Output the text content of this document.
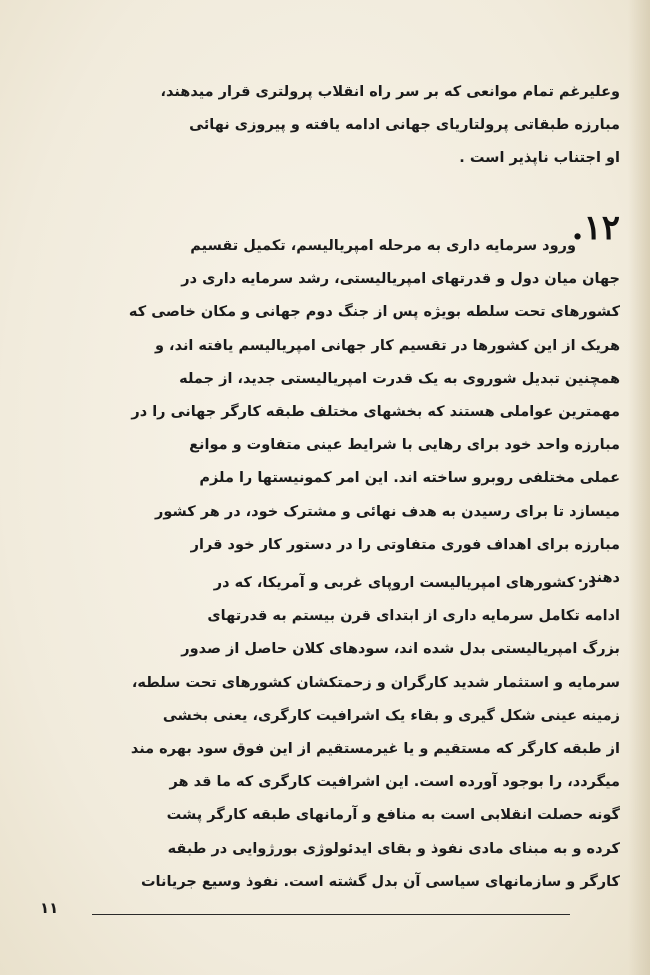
وعلیرغم تمام موانعی که بر سر راه انقلاب پرولتری قرار میدهند،
مبارزه طبقاتی پرولتاریای جهانی ادامه یافته و پیروزی نهائی
او اجتناب ناپذیر است .
۱۲.
ورود سرمایه داری به مرحله امپریالیسم، تکمیل تقسیم
جهان میان دول و قدرتهای امپریالیستی، رشد سرمایه داری در
کشورهای تحت سلطه بویژه پس از جنگ دوم جهانی و مکان خاصی که
هریک از این کشورها در تقسیم کار جهانی امپریالیسم یافته اند، و
همچنین تبدیل شوروی به یک قدرت امپریالیستی جدید، از جمله
مهمترین عواملی هستند که بخشهای مختلف طبقه کارگر جهانی را در
مبارزه واحد خود برای رهایی با شرایط عینی متفاوت و موانع
عملی مختلفی روبرو ساخته اند. این امر کمونیستها را ملزم
میسازد تا برای رسیدن به هدف نهائی و مشترک خود، در هر کشور
مبارزه برای اهداف فوری متفاوتی را در دستور کار خود قرار
دهند .
در کشورهای امپریالیست اروپای غربی و آمریکا، که در
ادامه تکامل سرمایه داری از ابتدای قرن بیستم به قدرتهای
بزرگ امپریالیستی بدل شده اند، سودهای کلان حاصل از صدور
سرمایه و استثمار شدید کارگران و زحمتکشان کشورهای تحت سلطه،
زمینه عینی شکل گیری و بقاء یک اشرافیت کارگری، یعنی بخشی
از طبقه کارگر که مستقیم و یا غیرمستقیم از این فوق سود بهره مند
میگردد، را بوجود آورده است. این اشرافیت کارگری که ما قد هر
گونه حصلت انقلابی است به منافع و آرمانهای طبقه کارگر پشت
کرده و به مبنای مادی نفوذ و بقای ایدئولوژی بورژوایی در طبقه
کارگر و سازمانهای سیاسی آن بدل گشته است. نفوذ وسیع جریانات
۱۱
